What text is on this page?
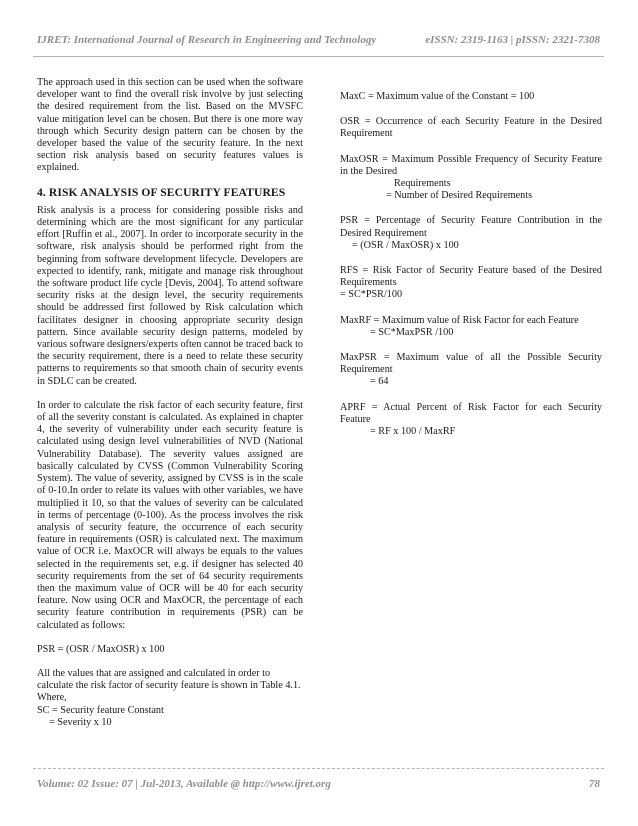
IJRET: International Journal of Research in Engineering and Technology	eISSN: 2319-1163 | pISSN: 2321-7308

The approach used in this section can be used when the software developer want to find the overall risk involve by just selecting the desired requirement from the list. Based on the MVSFC value mitigation level can be chosen. But there is one more way through which Security design pattern can be chosen by the developer based the value of the security feature. In the next section risk analysis based on security features values is explained.

4. RISK ANALYSIS OF SECURITY FEATURES

Risk analysis is a process for considering possible risks and determining which are the most significant for any particular effort [Ruffin et al., 2007]. In order to incorporate security in the software, risk analysis should be performed right from the beginning from software development lifecycle. Developers are expected to identify, rank, mitigate and manage risk throughout the software product life cycle [Devis, 2004]. To attend software security risks at the design level, the security requirements should be addressed first followed by Risk calculation which facilitates designer in choosing appropriate security design pattern. Since available security design patterns, modeled by various software designers/experts often cannot be traced back to the security requirement, there is a need to relate these security patterns to requirements so that smooth chain of security events in SDLC can be created.

In order to calculate the risk factor of each security feature, first of all the severity constant is calculated. As explained in chapter 4, the severity of vulnerability under each security feature is calculated using design level vulnerabilities of NVD (National Vulnerability Database). The severity values assigned are basically calculated by CVSS (Common Vulnerability Scoring System). The value of severity, assigned by CVSS is in the scale of 0-10.In order to relate its values with other variables, we have multiplied it 10, so that the values of severity can be calculated in terms of percentage (0-100). As the process involves the risk analysis of security feature, the occurrence of each security feature in requirements (OSR) is calculated next. The maximum value of OCR i.e. MaxOCR will always be equals to the values selected in the requirements set, e.g. if designer has selected 40 security requirements from the set of 64 security requirements then the maximum value of OCR will be 40 for each security feature. Now using OCR and MaxOCR, the percentage of each security feature contribution in requirements (PSR) can be calculated as follows:

PSR = (OSR / MaxOSR) x 100

All the values that are assigned and calculated in order to calculate the risk factor of security feature is shown in Table 4.1.

Where,

SC = Security feature Constant

= Severity x 10

MaxC = Maximum value of the Constant = 100

OSR = Occurrence of each Security Feature in the Desired Requirement

MaxOSR = Maximum Possible Frequency of Security Feature in the Desired

Requirements

= Number of Desired Requirements

PSR = Percentage of Security Feature Contribution in the Desired Requirement

= (OSR / MaxOSR) x 100

RFS = Risk Factor of Security Feature based of the Desired Requirements

= SC*PSR/100

MaxRF = Maximum value of Risk Factor for each Feature

= SC*MaxPSR /100

MaxPSR = Maximum value of all the Possible Security Requirement

= 64

APRF = Actual Percent of Risk Factor for each Security Feature

= RF x 100 / MaxRF

Volume: 02 Issue: 07 | Jul-2013, Available @ http://www.ijret.org	78
